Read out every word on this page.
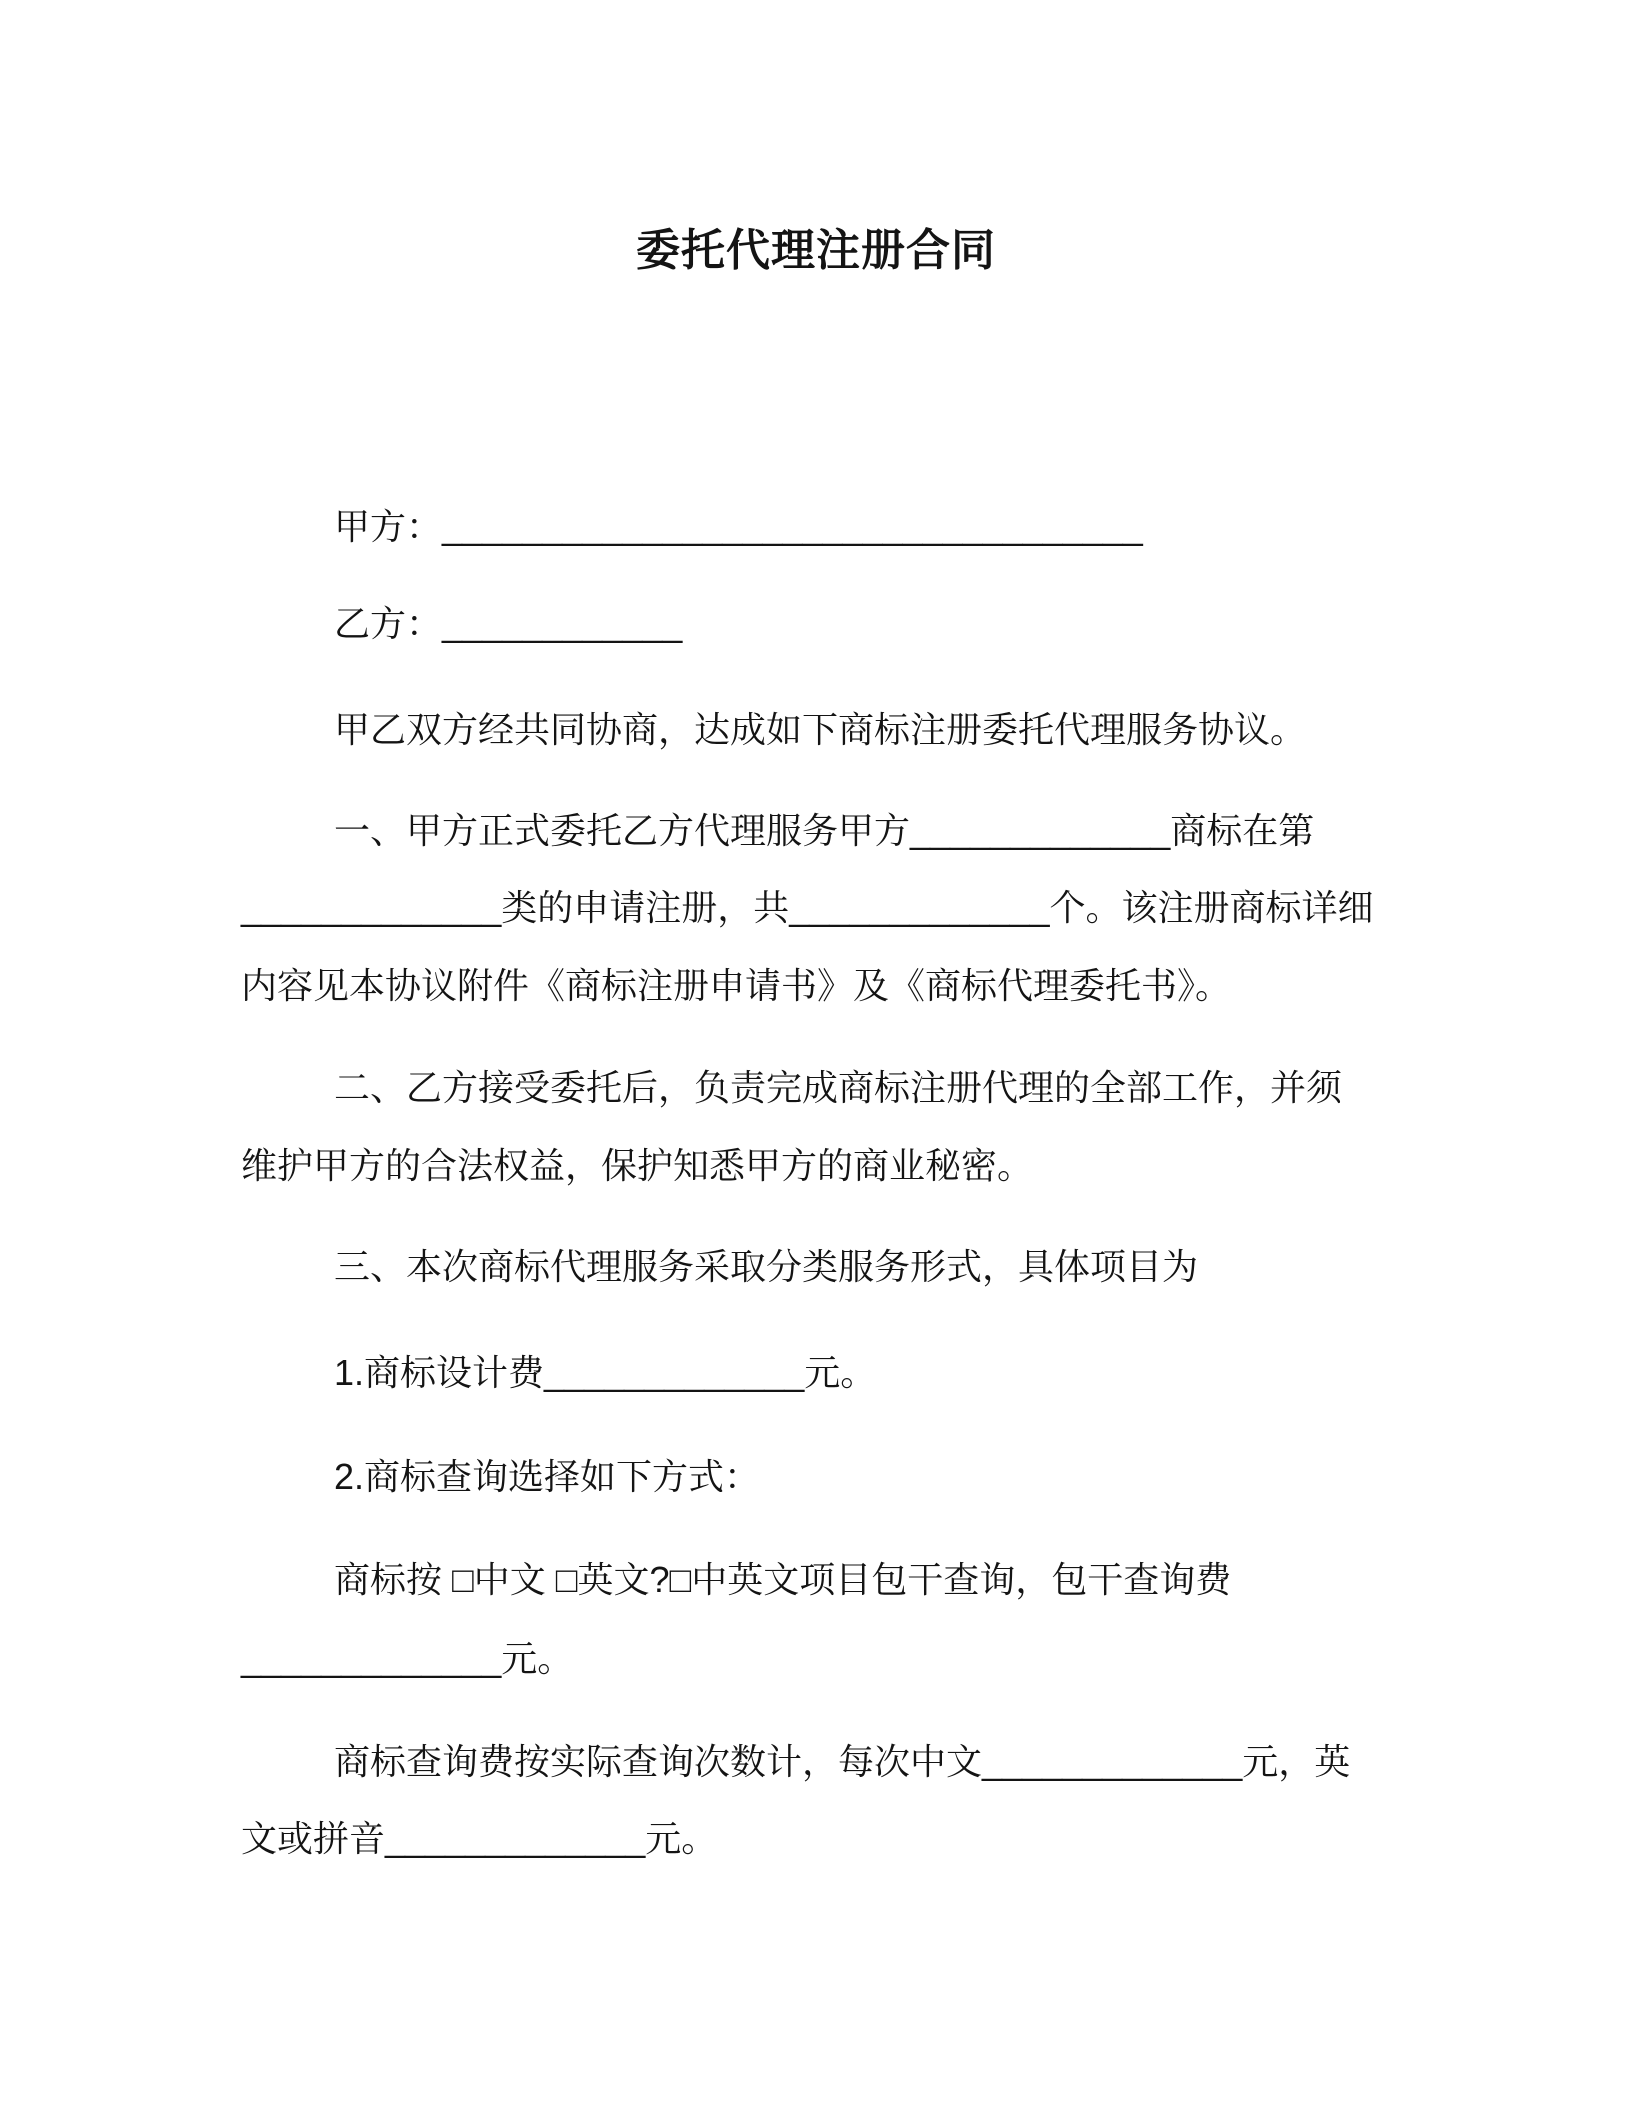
委托代理注册合同
甲方：___________________________________
乙方：____________
甲乙双方经共同协商，达成如下商标注册委托代理服务协议。
一、甲方正式委托乙方代理服务甲方_____________商标在第
_____________类的申请注册，共_____________个。该注册商标详细
内容见本协议附件《商标注册申请书》及《商标代理委托书》。
二、乙方接受委托后，负责完成商标注册代理的全部工作，并须
维护甲方的合法权益，保护知悉甲方的商业秘密。
三、本次商标代理服务采取分类服务形式，具体项目为
1.商标设计费_____________元。
2.商标查询选择如下方式：
商标按 □中文 □英文?□中英文项目包干查询，包干查询费
_____________元。
商标查询费按实际查询次数计，每次中文_____________元，英
文或拼音_____________元。
